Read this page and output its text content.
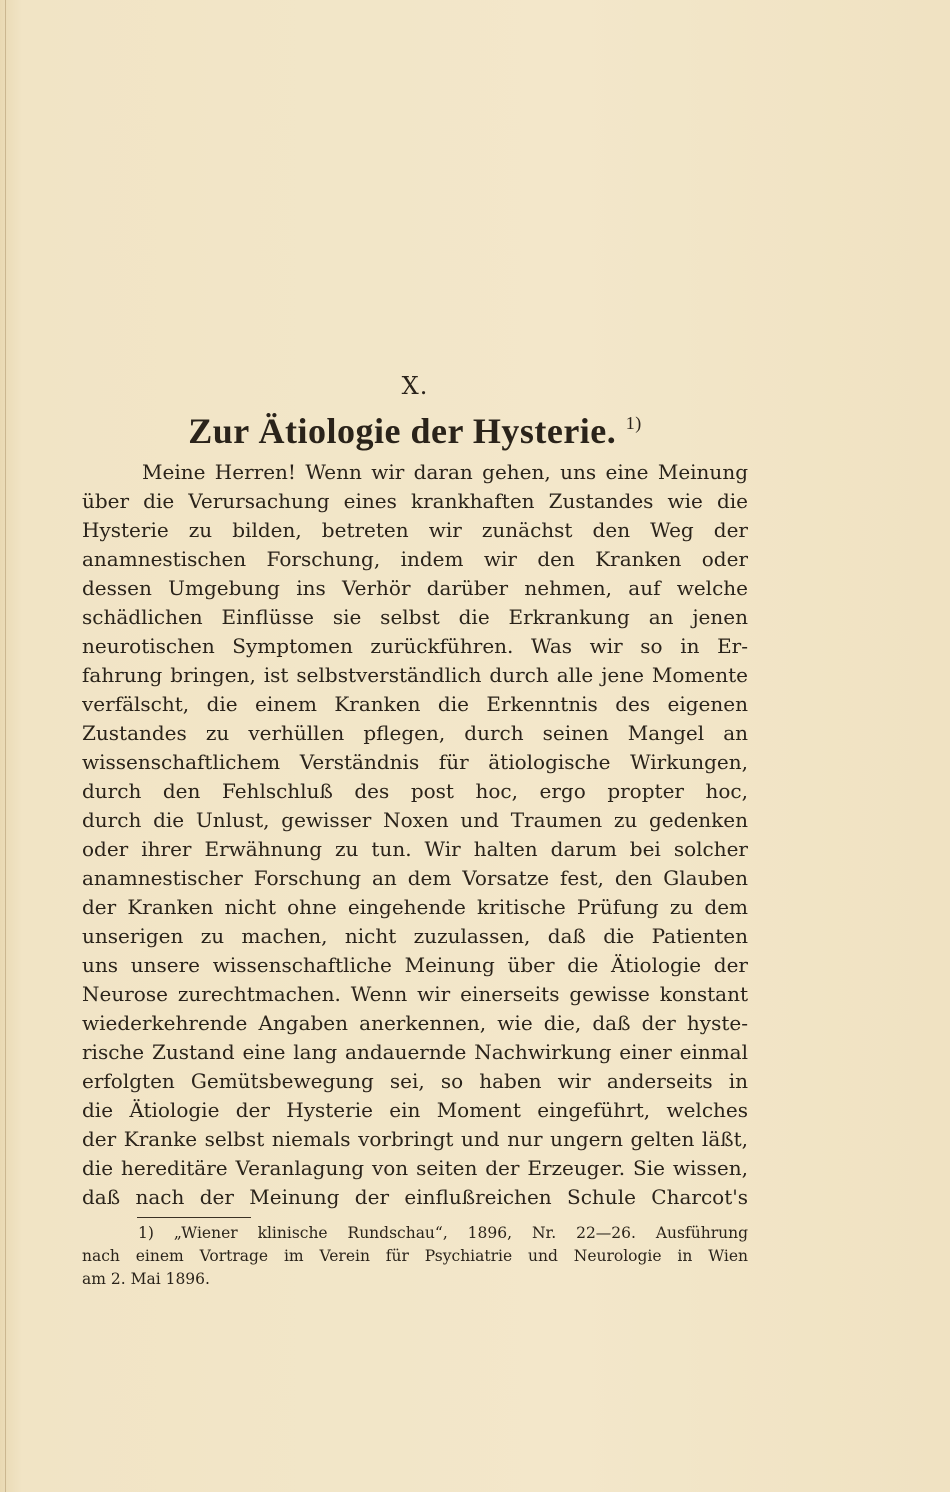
X.
Zur Ätiologie der Hysterie. $^{1)}$
Meine Herren! Wenn wir daran gehen, uns eine Meinung
über die Verursachung eines krankhaften Zustandes wie die
Hysterie zu bilden, betreten wir zunächst den Weg der
anamnestischen Forschung, indem wir den Kranken oder
dessen Umgebung ins Verhör darüber nehmen, auf welche
schädlichen Einflüsse sie selbst die Erkrankung an jenen
neurotischen Symptomen zurückführen. Was wir so in Er-
fahrung bringen, ist selbstverständlich durch alle jene Momente
verfälscht, die einem Kranken die Erkenntnis des eigenen
Zustandes zu verhüllen pflegen, durch seinen Mangel an
wissenschaftlichem Verständnis für ätiologische Wirkungen,
durch den Fehlschluß des post hoc, ergo propter hoc,
durch die Unlust, gewisser Noxen und Traumen zu gedenken
oder ihrer Erwähnung zu tun. Wir halten darum bei solcher
anamnestischer Forschung an dem Vorsatze fest, den Glauben
der Kranken nicht ohne eingehende kritische Prüfung zu dem
unserigen zu machen, nicht zuzulassen, daß die Patienten
uns unsere wissenschaftliche Meinung über die Ätiologie der
Neurose zurechtmachen. Wenn wir einerseits gewisse konstant
wiederkehrende Angaben anerkennen, wie die, daß der hyste-
rische Zustand eine lang andauernde Nachwirkung einer einmal
erfolgten Gemütsbewegung sei, so haben wir anderseits in
die Ätiologie der Hysterie ein Moment eingeführt, welches
der Kranke selbst niemals vorbringt und nur ungern gelten läßt,
die hereditäre Veranlagung von seiten der Erzeuger. Sie wissen,
daß nach der Meinung der einflußreichen Schule Charcot's
1) „Wiener klinische Rundschau“, 1896, Nr. 22—26. Ausführung
nach einem Vortrage im Verein für Psychiatrie und Neurologie in Wien
am 2. Mai 1896.
